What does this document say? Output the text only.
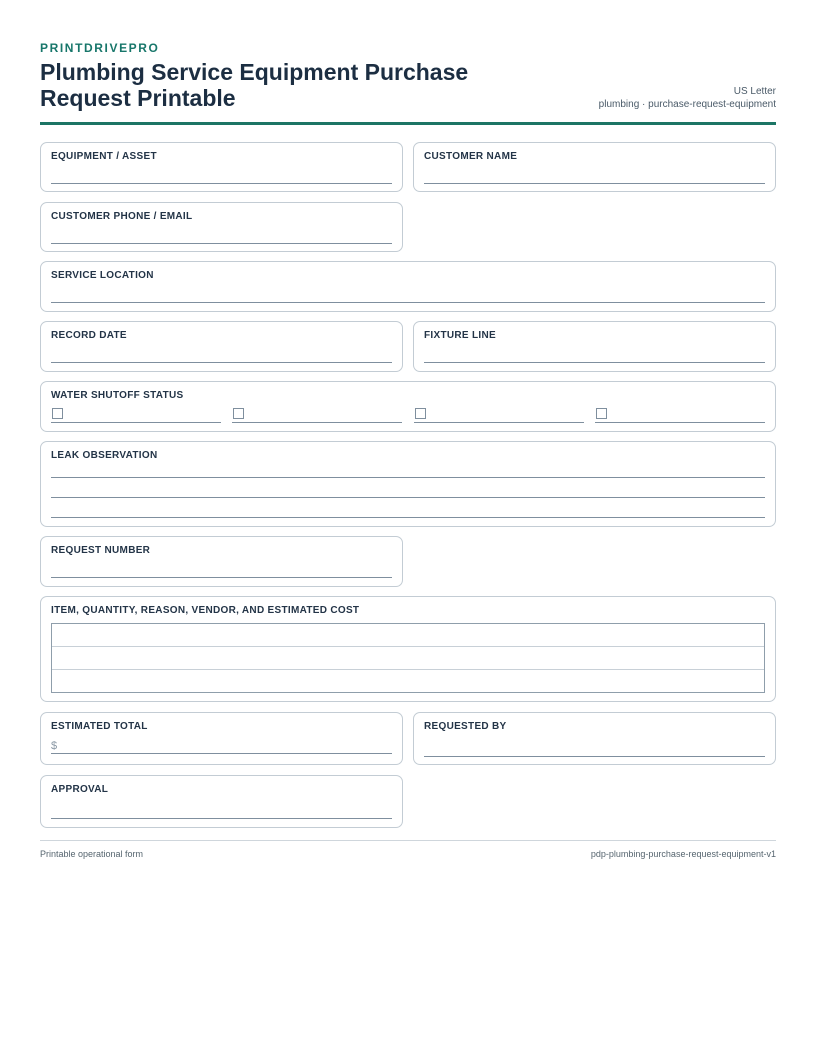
PRINTDRIVEPRO
Plumbing Service Equipment Purchase Request Printable	US Letter
plumbing · purchase-request-equipment
EQUIPMENT / ASSET	CUSTOMER NAME
CUSTOMER PHONE / EMAIL
SERVICE LOCATION
RECORD DATE	FIXTURE LINE
WATER SHUTOFF STATUS
LEAK OBSERVATION
REQUEST NUMBER
ITEM, QUANTITY, REASON, VENDOR, AND ESTIMATED COST
ESTIMATED TOTAL
$
REQUESTED BY
APPROVAL
Printable operational form	pdp-plumbing-purchase-request-equipment-v1
